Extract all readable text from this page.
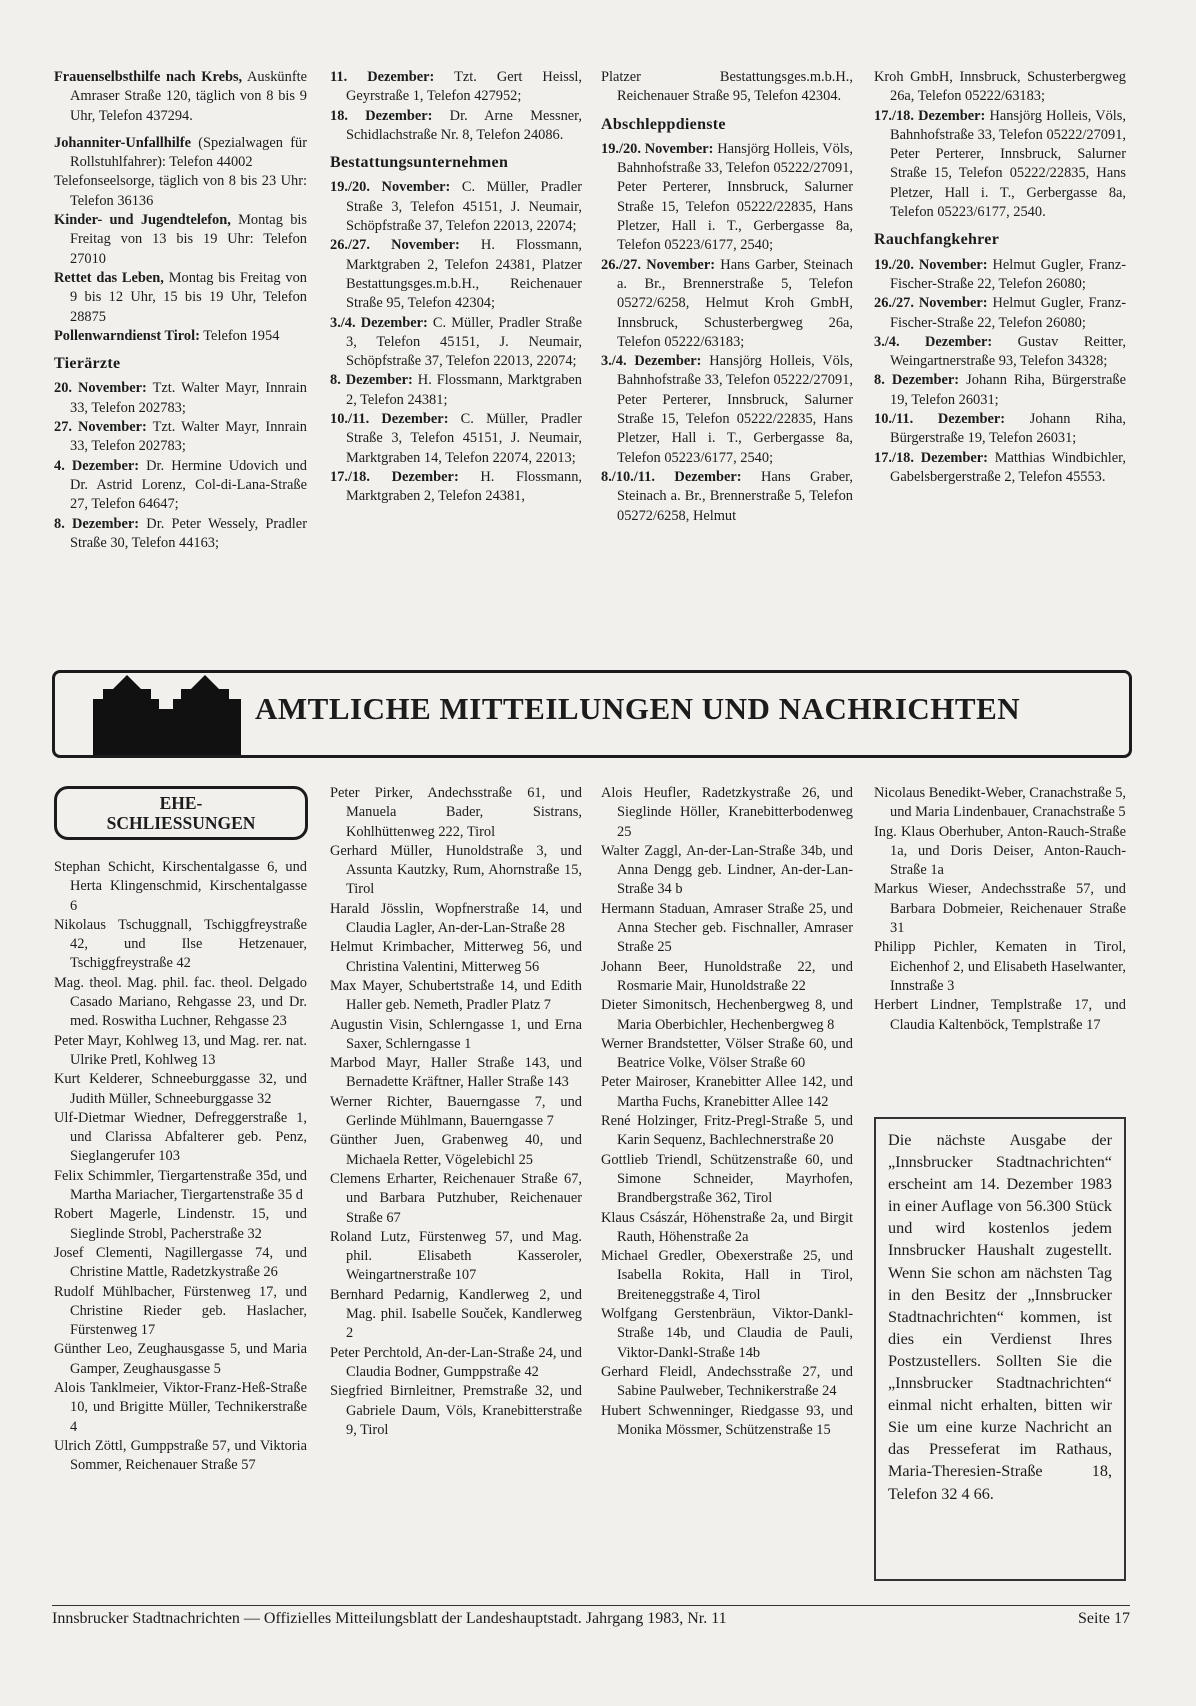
Frauenselbsthilfe nach Krebs, Auskünfte Amraser Straße 120, täglich von 8 bis 9 Uhr, Telefon 437294.
Johanniter-Unfallhilfe (Spezialwagen für Rollstuhlfahrer): Telefon 44002
Telefonseelsorge, täglich von 8 bis 23 Uhr: Telefon 36136
Kinder- und Jugendtelefon, Montag bis Freitag von 13 bis 19 Uhr: Telefon 27010
Rettet das Leben, Montag bis Freitag von 9 bis 12 Uhr, 15 bis 19 Uhr, Telefon 28875
Pollenwarndienst Tirol: Telefon 1954
Tierärzte
20. November: Tzt. Walter Mayr, Innrain 33, Telefon 202783;
27. November: Tzt. Walter Mayr, Innrain 33, Telefon 202783;
4. Dezember: Dr. Hermine Udovich und Dr. Astrid Lorenz, Col-di-Lana-Straße 27, Telefon 64647;
8. Dezember: Dr. Peter Wessely, Pradler Straße 30, Telefon 44163;
11. Dezember: Tzt. Gert Heissl, Geyrstraße 1, Telefon 427952;
18. Dezember: Dr. Arne Messner, Schidlachstraße Nr. 8, Telefon 24086.
Bestattungsunternehmen
19./20. November: C. Müller, Pradler Straße 3, Telefon 45151, J. Neumair, Schöpfstraße 37, Telefon 22013, 22074;
26./27. November: H. Flossmann, Marktgraben 2, Telefon 24381, Platzer Bestattungsges.m.b.H., Reichenauer Straße 95, Telefon 42304;
3./4. Dezember: C. Müller, Pradler Straße 3, Telefon 45151, J. Neumair, Schöpfstraße 37, Telefon 22013, 22074;
8. Dezember: H. Flossmann, Marktgraben 2, Telefon 24381;
10./11. Dezember: C. Müller, Pradler Straße 3, Telefon 45151, J. Neumair, Marktgraben 14, Telefon 22074, 22013;
17./18. Dezember: H. Flossmann, Marktgraben 2, Telefon 24381,
Platzer Bestattungsges.m.b.H., Reichenauer Straße 95, Telefon 42304.
Abschleppdienste
19./20. November: Hansjörg Holleis, Völs, Bahnhofstraße 33, Telefon 05222/27091, Peter Perterer, Innsbruck, Salurner Straße 15, Telefon 05222/22835, Hans Pletzer, Hall i. T., Gerbergasse 8a, Telefon 05223/6177, 2540;
26./27. November: Hans Garber, Steinach a. Br., Brennerstraße 5, Telefon 05272/6258, Helmut Kroh GmbH, Innsbruck, Schusterbergweg 26a, Telefon 05222/63183;
3./4. Dezember: Hansjörg Holleis, Völs, Bahnhofstraße 33, Telefon 05222/27091, Peter Perterer, Innsbruck, Salurner Straße 15, Telefon 05222/22835, Hans Pletzer, Hall i. T., Gerbergasse 8a, Telefon 05223/6177, 2540;
8./10./11. Dezember: Hans Graber, Steinach a. Br., Brennerstraße 5, Telefon 05272/6258, Helmut
Kroh GmbH, Innsbruck, Schusterbergweg 26a, Telefon 05222/63183;
17./18. Dezember: Hansjörg Holleis, Völs, Bahnhofstraße 33, Telefon 05222/27091, Peter Perterer, Innsbruck, Salurner Straße 15, Telefon 05222/22835, Hans Pletzer, Hall i. T., Gerbergasse 8a, Telefon 05223/6177, 2540.
Rauchfangkehrer
19./20. November: Helmut Gugler, Franz-Fischer-Straße 22, Telefon 26080;
26./27. November: Helmut Gugler, Franz-Fischer-Straße 22, Telefon 26080;
3./4. Dezember: Gustav Reitter, Weingartnerstraße 93, Telefon 34328;
8. Dezember: Johann Riha, Bürgerstraße 19, Telefon 26031;
10./11. Dezember: Johann Riha, Bürgerstraße 19, Telefon 26031;
17./18. Dezember: Matthias Windbichler, Gabelsbergerstraße 2, Telefon 45553.
AMTLICHE MITTEILUNGEN UND NACHRICHTEN
EHE-
SCHLIESSUNGEN
Stephan Schicht, Kirschentalgasse 6, und Herta Klingenschmid, Kirschentalgasse 6
Nikolaus Tschuggnall, Tschiggfreystraße 42, und Ilse Hetzenauer, Tschiggfreystraße 42
Mag. theol. Mag. phil. fac. theol. Delgado Casado Mariano, Rehgasse 23, und Dr. med. Roswitha Luchner, Rehgasse 23
Peter Mayr, Kohlweg 13, und Mag. rer. nat. Ulrike Pretl, Kohlweg 13
Kurt Kelderer, Schneeburggasse 32, und Judith Müller, Schneeburggasse 32
Ulf-Dietmar Wiedner, Defreggerstraße 1, und Clarissa Abfalterer geb. Penz, Sieglangerufer 103
Felix Schimmler, Tiergartenstraße 35d, und Martha Mariacher, Tiergartenstraße 35 d
Robert Magerle, Lindenstr. 15, und Sieglinde Strobl, Pacherstraße 32
Josef Clementi, Nagillergasse 74, und Christine Mattle, Radetzkystraße 26
Rudolf Mühlbacher, Fürstenweg 17, und Christine Rieder geb. Haslacher, Fürstenweg 17
Günther Leo, Zeughausgasse 5, und Maria Gamper, Zeughausgasse 5
Alois Tanklmeier, Viktor-Franz-Heß-Straße 10, und Brigitte Müller, Technikerstraße 4
Ulrich Zöttl, Gumppstraße 57, und Viktoria Sommer, Reichenauer Straße 57
Peter Pirker, Andechsstraße 61, und Manuela Bader, Sistrans, Kohlhüttenweg 222, Tirol
Gerhard Müller, Hunoldstraße 3, und Assunta Kautzky, Rum, Ahornstraße 15, Tirol
Harald Jösslin, Wopfnerstraße 14, und Claudia Lagler, An-der-Lan-Straße 28
Helmut Krimbacher, Mitterweg 56, und Christina Valentini, Mitterweg 56
Max Mayer, Schubertstraße 14, und Edith Haller geb. Nemeth, Pradler Platz 7
Augustin Visin, Schlerngasse 1, und Erna Saxer, Schlerngasse 1
Marbod Mayr, Haller Straße 143, und Bernadette Kräftner, Haller Straße 143
Werner Richter, Bauerngasse 7, und Gerlinde Mühlmann, Bauerngasse 7
Günther Juen, Grabenweg 40, und Michaela Retter, Vögelebichl 25
Clemens Erharter, Reichenauer Straße 67, und Barbara Putzhuber, Reichenauer Straße 67
Roland Lutz, Fürstenweg 57, und Mag. phil. Elisabeth Kasseroler, Weingartnerstraße 107
Bernhard Pedarnig, Kandlerweg 2, und Mag. phil. Isabelle Souček, Kandlerweg 2
Peter Perchtold, An-der-Lan-Straße 24, und Claudia Bodner, Gumppstraße 42
Siegfried Birnleitner, Premstraße 32, und Gabriele Daum, Völs, Kranebitterstraße 9, Tirol
Alois Heufler, Radetzkystraße 26, und Sieglinde Höller, Kranebitterbodenweg 25
Walter Zaggl, An-der-Lan-Straße 34b, und Anna Dengg geb. Lindner, An-der-Lan-Straße 34 b
Hermann Staduan, Amraser Straße 25, und Anna Stecher geb. Fischnaller, Amraser Straße 25
Johann Beer, Hunoldstraße 22, und Rosmarie Mair, Hunoldstraße 22
Dieter Simonitsch, Hechenbergweg 8, und Maria Oberbichler, Hechenbergweg 8
Werner Brandstetter, Völser Straße 60, und Beatrice Volke, Völser Straße 60
Peter Mairoser, Kranebitter Allee 142, und Martha Fuchs, Kranebitter Allee 142
René Holzinger, Fritz-Pregl-Straße 5, und Karin Sequenz, Bachlechnerstraße 20
Gottlieb Triendl, Schützenstraße 60, und Simone Schneider, Mayrhofen, Brandbergstraße 362, Tirol
Klaus Császár, Höhenstraße 2a, und Birgit Rauth, Höhenstraße 2a
Michael Gredler, Obexerstraße 25, und Isabella Rokita, Hall in Tirol, Breiteneggstraße 4, Tirol
Wolfgang Gerstenbräun, Viktor-Dankl-Straße 14b, und Claudia de Pauli, Viktor-Dankl-Straße 14b
Gerhard Fleidl, Andechsstraße 27, und Sabine Paulweber, Technikerstraße 24
Hubert Schwenninger, Riedgasse 93, und Monika Mössmer, Schützenstraße 15
Nicolaus Benedikt-Weber, Cranachstraße 5, und Maria Lindenbauer, Cranachstraße 5
Ing. Klaus Oberhuber, Anton-Rauch-Straße 1a, und Doris Deiser, Anton-Rauch-Straße 1a
Markus Wieser, Andechsstraße 57, und Barbara Dobmeier, Reichenauer Straße 31
Philipp Pichler, Kematen in Tirol, Eichenhof 2, und Elisabeth Haselwanter, Innstraße 3
Herbert Lindner, Templstraße 17, und Claudia Kaltenböck, Templstraße 17
Die nächste Ausgabe der „Innsbrucker Stadtnachrichten“ erscheint am 14. Dezember 1983 in einer Auflage von 56.300 Stück und wird kostenlos jedem Innsbrucker Haushalt zugestellt. Wenn Sie schon am nächsten Tag in den Besitz der „Innsbrucker Stadtnachrichten“ kommen, ist dies ein Verdienst Ihres Postzustellers. Sollten Sie die „Innsbrucker Stadtnachrichten“ einmal nicht erhalten, bitten wir Sie um eine kurze Nachricht an das Presseferat im Rathaus, Maria-Theresien-Straße 18, Telefon 32 4 66.
Innsbrucker Stadtnachrichten — Offizielles Mitteilungsblatt der Landeshauptstadt. Jahrgang 1983, Nr. 11	Seite 17
